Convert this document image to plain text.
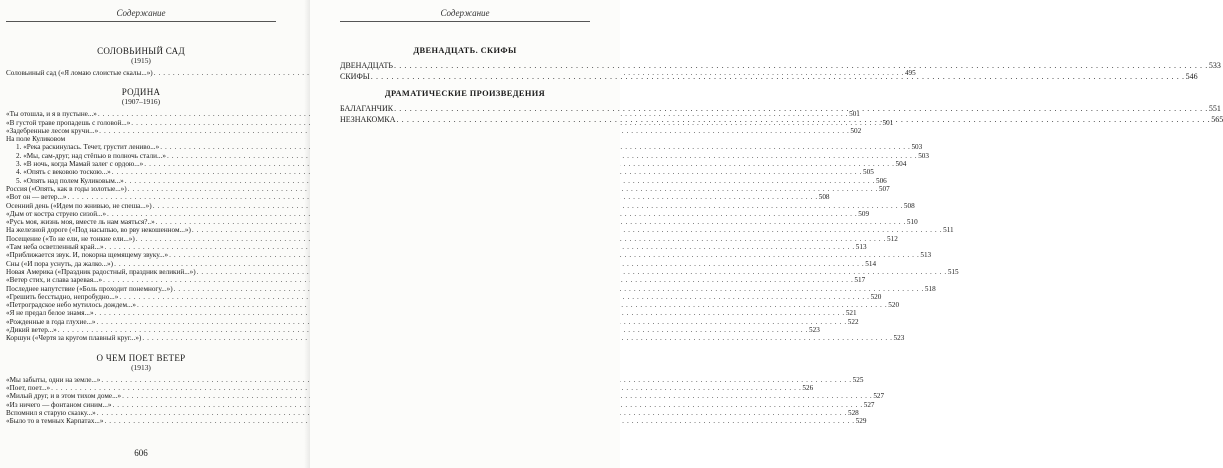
Содержание
СОЛОВЬИНЫЙ САД
(1915)
Соловьиный сад («Я ломаю слоистые скалы...») . . .	495
РОДИНА
(1907–1916)
«Ты отошла, и я в пустыне...» . . .	501
«В густой траве пропадешь с головой...» . . .	501
«Задебренные лесом кручи...» . . .	502
На поле Куликовом
1. «Река раскинулась. Течет, грустит лениво...» . . .	503
2. «Мы, сам-друг, над стёпью в полночь стали...» . . .	503
3. «В ночь, когда Мамай залег с ордою...» . . .	504
4. «Опять с вековою тоскою...» . . .	505
5. «Опять над полем Куликовым...» . . .	506
Россия («Опять, как в годы золотые...») . . .	507
«Вот он — ветер...» . . .	508
Осенний день («Идем по жнивью, не спеша...») . . .	508
«Дым от костра струею сизой...» . . .	509
«Русь моя, жизнь моя, вместе ль нам маяться?..» . . .	510
На железной дороге («Под насыпью, во рву некошенном...») . . .	511
Посещение («То не ели, не тонкие ели...») . . .	512
«Там неба осветленный край...» . . .	513
«Приближается звук. И, покорна щемящему звуку...» . . .	513
Сны («И пора уснуть, да жалко...») . . .	514
Новая Америка («Праздник радостный, праздник великий...») . . .	515
«Ветер стих, и слава заревая...» . . .	517
Последнее напутствие («Боль проходит понемногу...») . . .	518
«Грешить бесстыдно, непробудно...» . . .	520
«Петроградское небо мутилось дождем...» . . .	520
«Я не предал белое знамя...» . . .	521
«Рожденные в года глухие...» . . .	522
«Дикий ветер...» . . .	523
Коршун («Чертя за кругом плавный круг...») . . .	523
О ЧЕМ ПОЕТ ВЕТЕР
(1913)
«Мы забыты, одни на земле...» . . .	525
«Поет, поет...» . . .	526
«Милый друг, и в этом тихом доме...» . . .	527
«Из ничего — фонтаном синим...» . . .	527
Вспомнил я старую сказку...» . . .	528
«Было то в темных Карпатах...» . . .	529
606
Содержание
ДВЕНАДЦАТЬ. СКИФЫ
ДВЕНАДЦАТЬ . . .	533
СКИФЫ . . .	546
ДРАМАТИЧЕСКИЕ ПРОИЗВЕДЕНИЯ
БАЛАГАНЧИК . . .	551
НЕЗНАКОМКА . . .	565
